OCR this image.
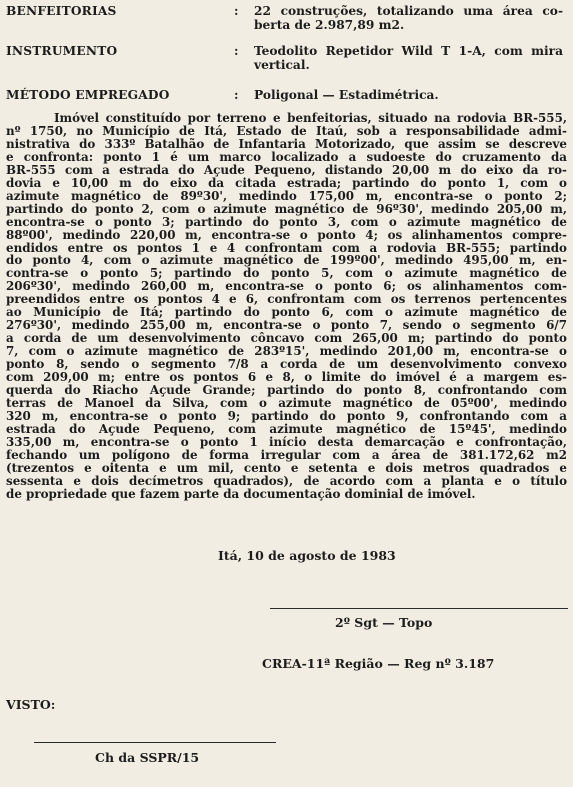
BENFEITORIAS	: 22 construções, totalizando uma área co-
berta de 2.987,89 m2.
INSTRUMENTO	: Teodolito Repetidor Wild T 1-A, com mira
vertical.
MÉTODO EMPREGADO	: Poligonal — Estadimétrica.
Imóvel constituído por terreno e benfeitorias, situado na rodovia BR-555,
nº 1750, no Município de Itá, Estado de Itaú, sob a responsabilidade admi-
nistrativa do 333º Batalhão de Infantaria Motorizado, que assim se descreve
e confronta: ponto 1 é um marco localizado a sudoeste do cruzamento da
BR-555 com a estrada do Açude Pequeno, distando 20,00 m do eixo da ro-
dovia e 10,00 m do eixo da citada estrada; partindo do ponto 1, com o
azimute magnético de 89º30', medindo 175,00 m, encontra-se o ponto 2;
partindo do ponto 2, com o azimute magnético de 96º30', medindo 205,00 m,
encontra-se o ponto 3; partindo do ponto 3, com o azimute magnético de
88º00', medindo 220,00 m, encontra-se o ponto 4; os alinhamentos compre-
endidos entre os pontos 1 e 4 confrontam com a rodovia BR-555; partindo
do ponto 4, com o azimute magnético de 199º00', medindo 495,00 m, en-
contra-se o ponto 5; partindo do ponto 5, com o azimute magnético de
206º30', medindo 260,00 m, encontra-se o ponto 6; os alinhamentos com-
preendidos entre os pontos 4 e 6, confrontam com os terrenos pertencentes
ao Município de Itá; partindo do ponto 6, com o azimute magnético de
276º30', medindo 255,00 m, encontra-se o ponto 7, sendo o segmento 6/7
a corda de um desenvolvimento côncavo com 265,00 m; partindo do ponto
7, com o azimute magnético de 283º15', medindo 201,00 m, encontra-se o
ponto 8, sendo o segmento 7/8 a corda de um desenvolvimento convexo
com 209,00 m; entre os pontos 6 e 8, o limite do imóvel é a margem es-
querda do Riacho Açude Grande; partindo do ponto 8, confrontando com
terras de Manoel da Silva, com o azimute magnético de 05º00', medindo
320 m, encontra-se o ponto 9; partindo do ponto 9, confrontando com a
estrada do Açude Pequeno, com azimute magnético de 15º45', medindo
335,00 m, encontra-se o ponto 1 início desta demarcação e confrontação,
fechando um polígono de forma irregular com a área de 381.172,62 m2
(trezentos e oitenta e um mil, cento e setenta e dois metros quadrados e
sessenta e dois decímetros quadrados), de acordo com a planta e o título
de propriedade que fazem parte da documentação dominial de imóvel.
Itá, 10 de agosto de 1983
2º Sgt — Topo
CREA-11ª Região — Reg nº 3.187
VISTO:
Ch da SSPR/15
